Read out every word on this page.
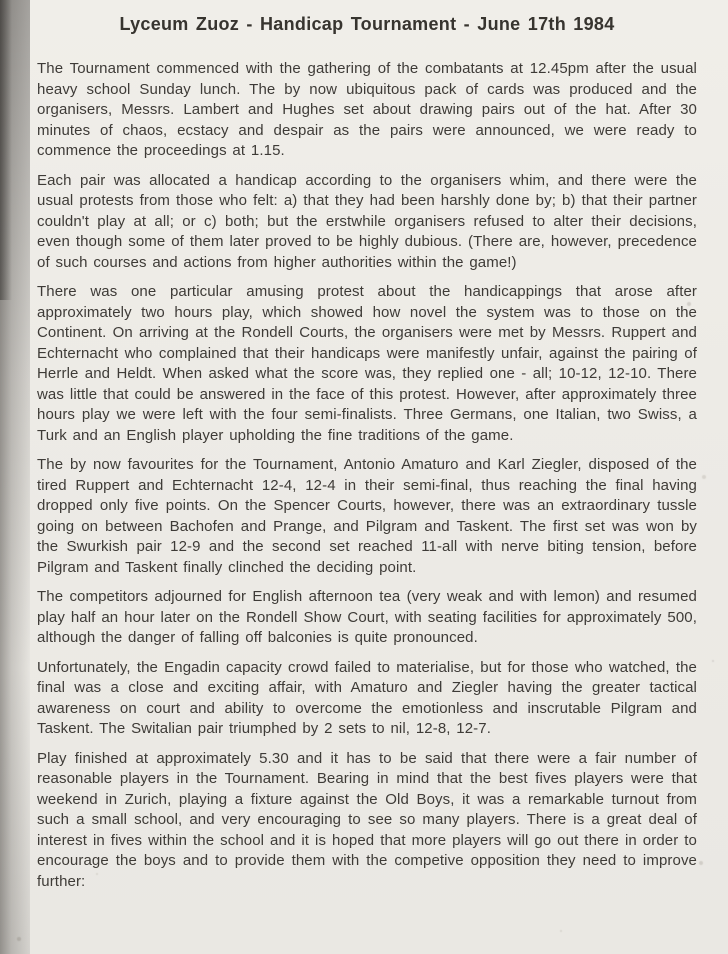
Lyceum Zuoz - Handicap Tournament - June 17th 1984

The Tournament commenced with the gathering of the combatants at 12.45pm after the usual heavy school Sunday lunch. The by now ubiquitous pack of cards was produced and the organisers, Messrs. Lambert and Hughes set about drawing pairs out of the hat. After 30 minutes of chaos, ecstacy and despair as the pairs were announced, we were ready to commence the proceedings at 1.15.

Each pair was allocated a handicap according to the organisers whim, and there were the usual protests from those who felt: a) that they had been harshly done by; b) that their partner couldn't play at all; or c) both; but the erstwhile organisers refused to alter their decisions, even though some of them later proved to be highly dubious. (There are, however, precedence of such courses and actions from higher authorities within the game!)

There was one particular amusing protest about the handicappings that arose after approximately two hours play, which showed how novel the system was to those on the Continent. On arriving at the Rondell Courts, the organisers were met by Messrs. Ruppert and Echternacht who complained that their handicaps were manifestly unfair, against the pairing of Herrle and Heldt. When asked what the score was, they replied one - all; 10-12, 12-10. There was little that could be answered in the face of this protest. However, after approximately three hours play we were left with the four semi-finalists. Three Germans, one Italian, two Swiss, a Turk and an English player upholding the fine traditions of the game.

The by now favourites for the Tournament, Antonio Amaturo and Karl Ziegler, disposed of the tired Ruppert and Echternacht 12-4, 12-4 in their semi-final, thus reaching the final having dropped only five points. On the Spencer Courts, however, there was an extraordinary tussle going on between Bachofen and Prange, and Pilgram and Taskent. The first set was won by the Swurkish pair 12-9 and the second set reached 11-all with nerve biting tension, before Pilgram and Taskent finally clinched the deciding point.

The competitors adjourned for English afternoon tea (very weak and with lemon) and resumed play half an hour later on the Rondell Show Court, with seating facilities for approximately 500, although the danger of falling off balconies is quite pronounced.

Unfortunately, the Engadin capacity crowd failed to materialise, but for those who watched, the final was a close and exciting affair, with Amaturo and Ziegler having the greater tactical awareness on court and ability to overcome the emotionless and inscrutable Pilgram and Taskent. The Switalian pair triumphed by 2 sets to nil, 12-8, 12-7.

Play finished at approximately 5.30 and it has to be said that there were a fair number of reasonable players in the Tournament. Bearing in mind that the best fives players were that weekend in Zurich, playing a fixture against the Old Boys, it was a remarkable turnout from such a small school, and very encouraging to see so many players. There is a great deal of interest in fives within the school and it is hoped that more players will go out there in order to encourage the boys and to provide them with the competive opposition they need to improve further:
